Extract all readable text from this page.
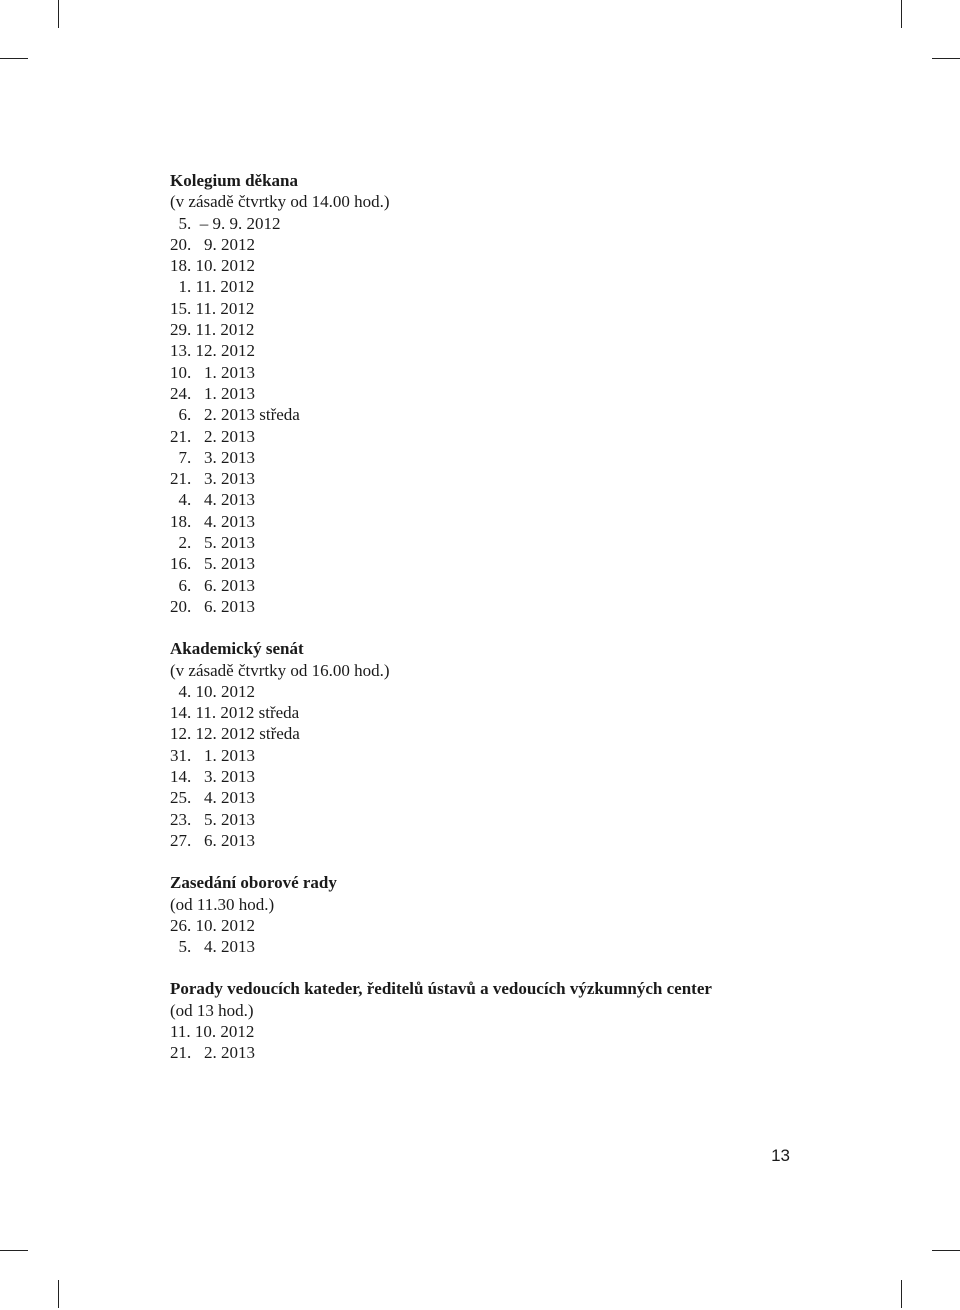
Kolegium děkana
(v zásadě čtvrtky od 14.00 hod.)
5.  – 9. 9. 2012
20.   9. 2012
18. 10. 2012
1. 11. 2012
15. 11. 2012
29. 11. 2012
13. 12. 2012
10.   1. 2013
24.   1. 2013
6.   2. 2013 středa
21.   2. 2013
7.   3. 2013
21.   3. 2013
4.   4. 2013
18.   4. 2013
2.   5. 2013
16.   5. 2013
6.   6. 2013
20.   6. 2013
Akademický senát
(v zásadě čtvrtky od 16.00 hod.)
4. 10. 2012
14. 11. 2012 středa
12. 12. 2012 středa
31.   1. 2013
14.   3. 2013
25.   4. 2013
23.   5. 2013
27.   6. 2013
Zasedání oborové rady
(od 11.30 hod.)
26. 10. 2012
5.   4. 2013
Porady vedoucích kateder, ředitelů ústavů a vedoucích výzkumných center
(od 13 hod.)
11. 10. 2012
21.   2. 2013
13
